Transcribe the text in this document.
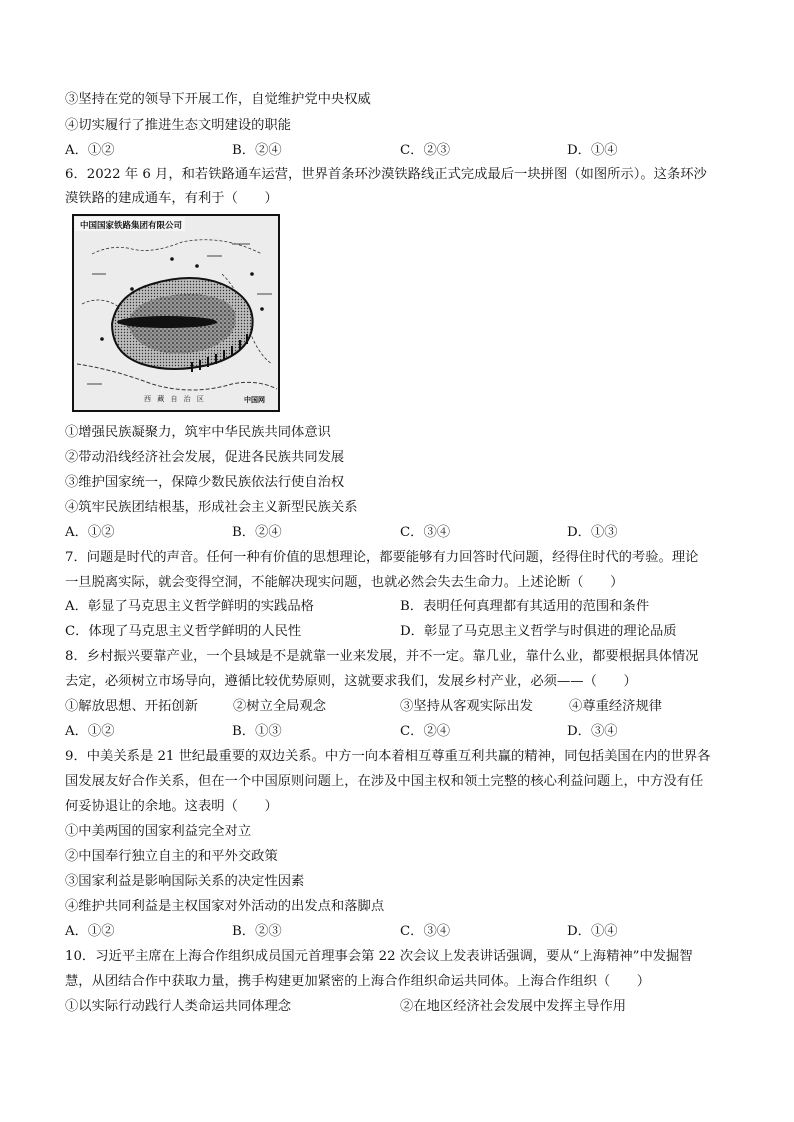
③坚持在党的领导下开展工作，自觉维护党中央权威
④切实履行了推进生态文明建设的职能
A．①②	B．②④	C．②③	D．①④
6．2022 年 6 月，和若铁路通车运营，世界首条环沙漠铁路线正式完成最后一块拼图（如图所示）。这条环沙
漠铁路的建成通车，有利于（　　）
中国国家铁路集团有限公司
西 藏 自 治 区	中国网
①增强民族凝聚力，筑牢中华民族共同体意识
②带动沿线经济社会发展，促进各民族共同发展
③维护国家统一，保障少数民族依法行使自治权
④筑牢民族团结根基，形成社会主义新型民族关系
A．①②	B．②④	C．③④	D．①③
7．问题是时代的声音。任何一种有价值的思想理论，都要能够有力回答时代问题，经得住时代的考验。理论
一旦脱离实际，就会变得空洞，不能解决现实问题，也就必然会失去生命力。上述论断（　　）
A．彰显了马克思主义哲学鲜明的实践品格	B．表明任何真理都有其适用的范围和条件
C．体现了马克思主义哲学鲜明的人民性	D．彰显了马克思主义哲学与时俱进的理论品质
8．乡村振兴要靠产业，一个县域是不是就靠一业来发展，并不一定。靠几业，靠什么业，都要根据具体情况
去定，必须树立市场导向，遵循比较优势原则，这就要求我们，发展乡村产业，必须——（　　）
①解放思想、开拓创新	②树立全局观念	③坚持从客观实际出发	④尊重经济规律
A．①②	B．①③	C．②④	D．③④
9．中美关系是 21 世纪最重要的双边关系。中方一向本着相互尊重互利共赢的精神，同包括美国在内的世界各
国发展友好合作关系，但在一个中国原则问题上，在涉及中国主权和领土完整的核心利益问题上，中方没有任
何妥协退让的余地。这表明（　　）
①中美两国的国家利益完全对立
②中国奉行独立自主的和平外交政策
③国家利益是影响国际关系的决定性因素
④维护共同利益是主权国家对外活动的出发点和落脚点
A．①②	B．②③	C．③④	D．①④
10．习近平主席在上海合作组织成员国元首理事会第 22 次会议上发表讲话强调，要从“上海精神”中发掘智
慧，从团结合作中获取力量，携手构建更加紧密的上海合作组织命运共同体。上海合作组织（　　）
①以实际行动践行人类命运共同体理念	②在地区经济社会发展中发挥主导作用
